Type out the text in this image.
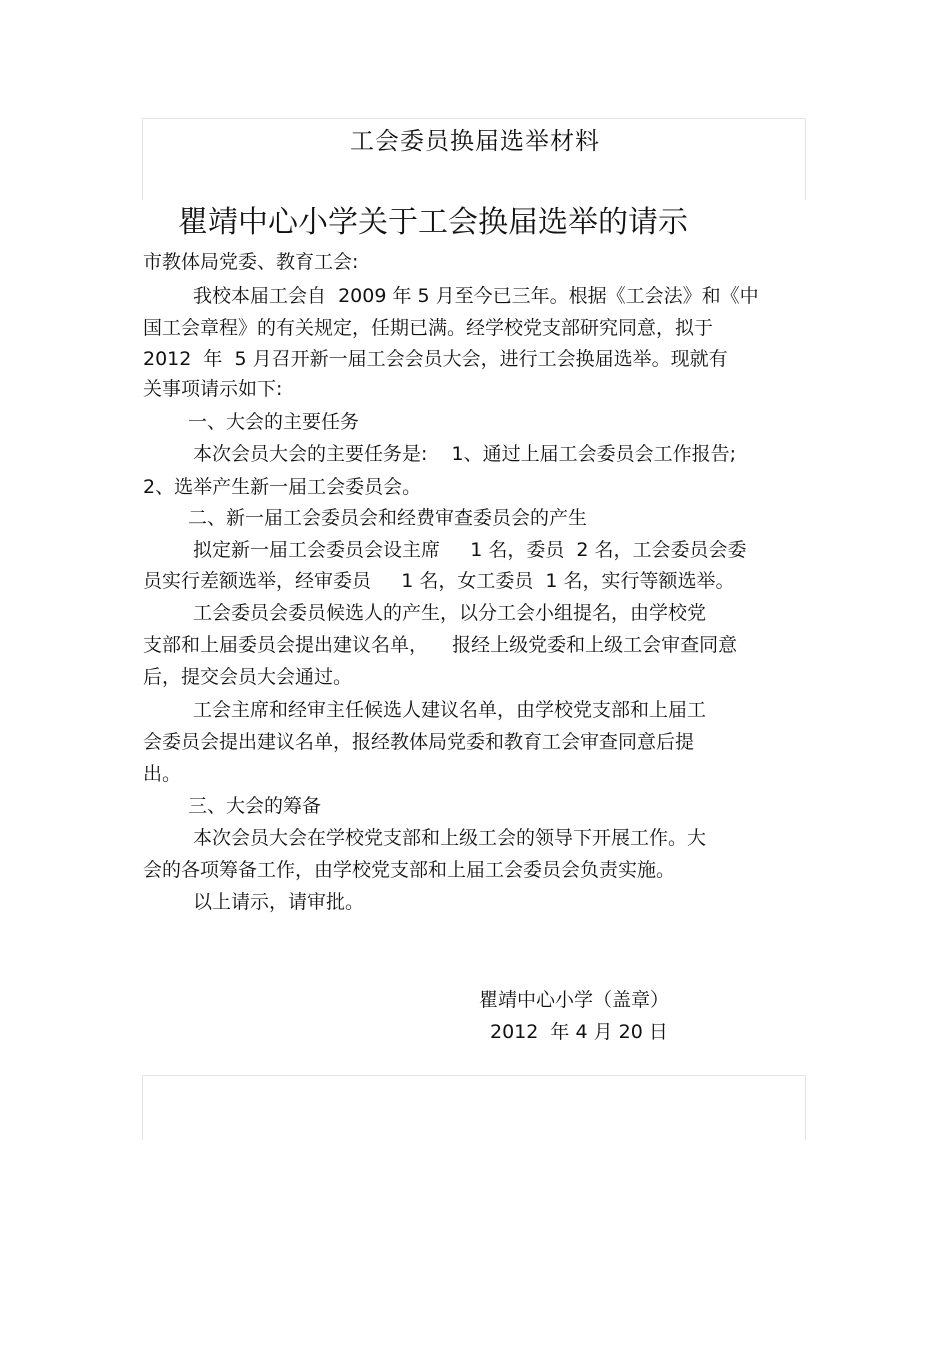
工会委员换届选举材料
瞿靖中心小学关于工会换届选举的请示
市教体局党委、教育工会:
我校本届工会自  2009 年 5 月至今已三年。根据《工会法》和《中
国工会章程》的有关规定，任期已满。经学校党支部研究同意，拟于
2012  年  5 月召开新一届工会会员大会，进行工会换届选举。现就有
关事项请示如下:
一、大会的主要任务
本次会员大会的主要任务是:    1、通过上届工会委员会工作报告;
2、选举产生新一届工会委员会。
二、新一届工会委员会和经费审查委员会的产生
拟定新一届工会委员会设主席     1 名，委员  2 名，工会委员会委
员实行差额选举，经审委员     1 名，女工委员  1 名，实行等额选举。
工会委员会委员候选人的产生，以分工会小组提名，由学校党
支部和上届委员会提出建议名单，    报经上级党委和上级工会审查同意
后，提交会员大会通过。
工会主席和经审主任候选人建议名单，由学校党支部和上届工
会委员会提出建议名单，报经教体局党委和教育工会审查同意后提
出。
三、大会的筹备
本次会员大会在学校党支部和上级工会的领导下开展工作。大
会的各项筹备工作，由学校党支部和上届工会委员会负责实施。
以上请示，请审批。
瞿靖中心小学（盖章）
2012  年 4 月 20 日
